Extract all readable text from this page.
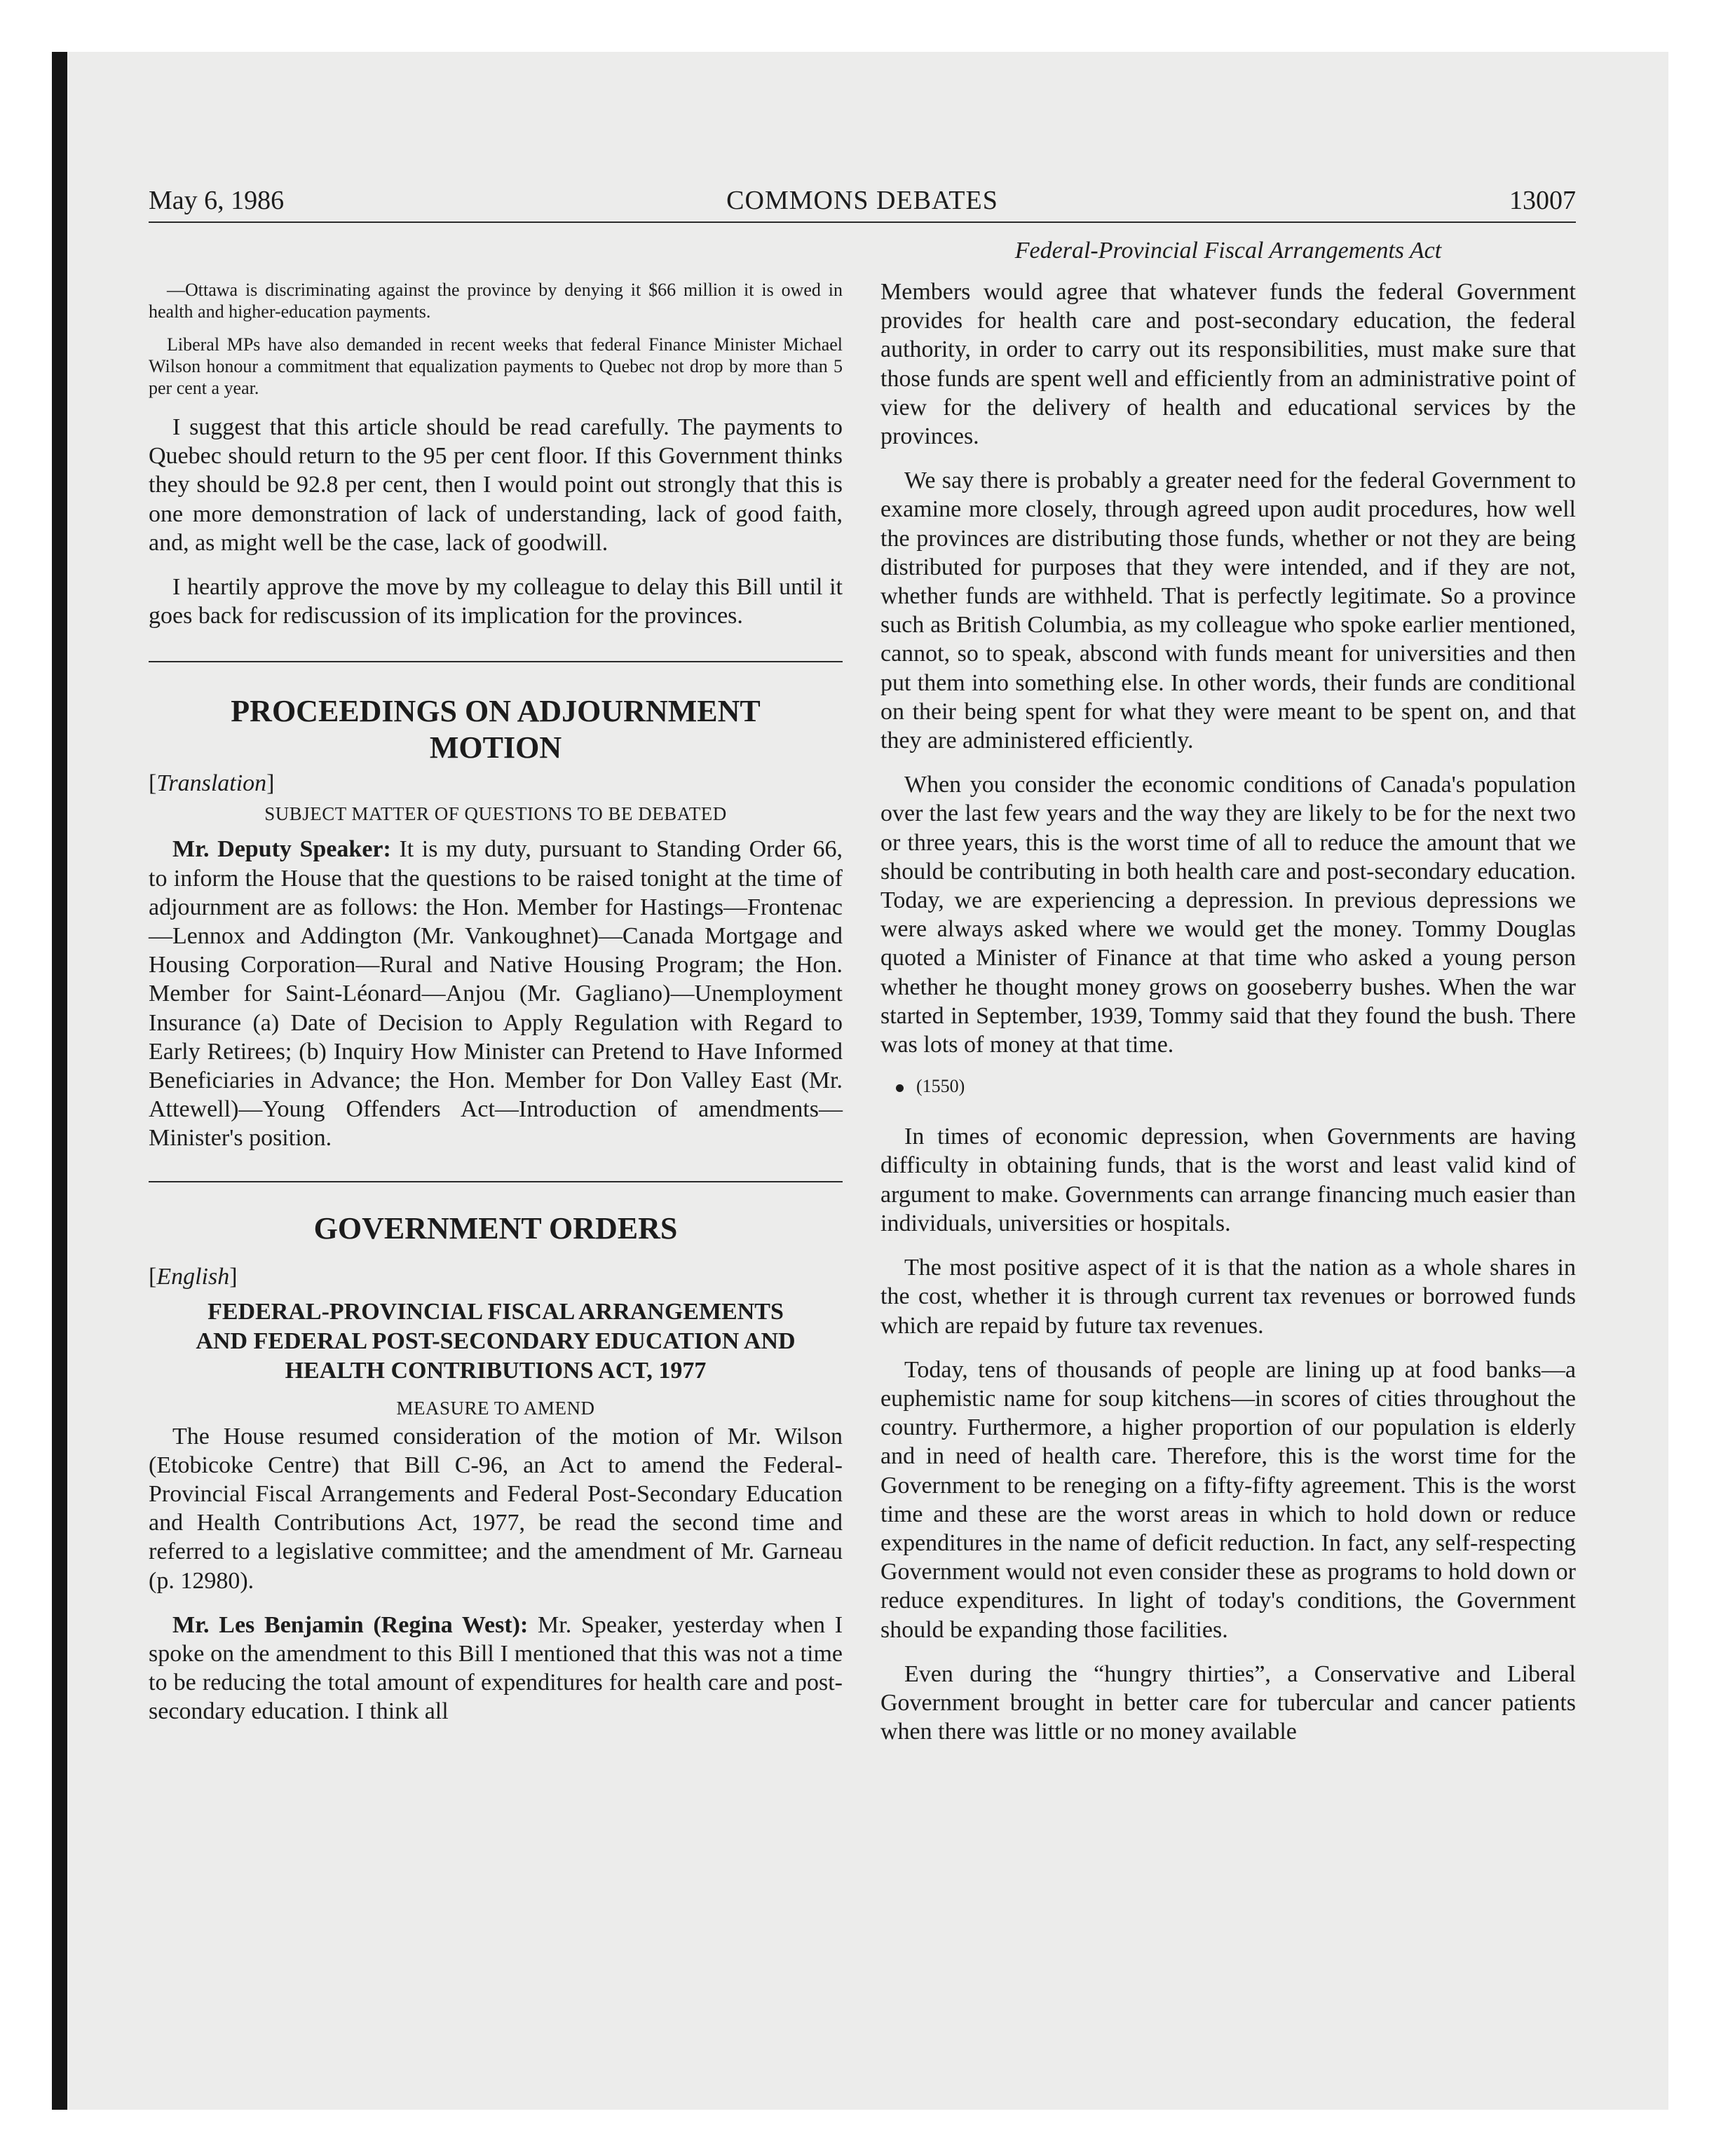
May 6, 1986	COMMONS DEBATES	13007

—Ottawa is discriminating against the province by denying it $66 million it is owed in health and higher-education payments.

Liberal MPs have also demanded in recent weeks that federal Finance Minister Michael Wilson honour a commitment that equalization payments to Quebec not drop by more than 5 per cent a year.

I suggest that this article should be read carefully. The payments to Quebec should return to the 95 per cent floor. If this Government thinks they should be 92.8 per cent, then I would point out strongly that this is one more demonstration of lack of understanding, lack of good faith, and, as might well be the case, lack of goodwill.

I heartily approve the move by my colleague to delay this Bill until it goes back for rediscussion of its implication for the provinces.

PROCEEDINGS ON ADJOURNMENT
MOTION
[Translation]
SUBJECT MATTER OF QUESTIONS TO BE DEBATED

Mr. Deputy Speaker: It is my duty, pursuant to Standing Order 66, to inform the House that the questions to be raised tonight at the time of adjournment are as follows: the Hon. Member for Hastings—Frontenac—Lennox and Addington (Mr. Vankoughnet)—Canada Mortgage and Housing Corporation—Rural and Native Housing Program; the Hon. Member for Saint-Léonard—Anjou (Mr. Gagliano)—Unemployment Insurance (a) Date of Decision to Apply Regulation with Regard to Early Retirees; (b) Inquiry How Minister can Pretend to Have Informed Beneficiaries in Advance; the Hon. Member for Don Valley East (Mr. Attewell)—Young Offenders Act—Introduction of amendments—Minister's position.

GOVERNMENT ORDERS
[English]
FEDERAL-PROVINCIAL FISCAL ARRANGEMENTS
AND FEDERAL POST-SECONDARY EDUCATION AND
HEALTH CONTRIBUTIONS ACT, 1977
MEASURE TO AMEND

The House resumed consideration of the motion of Mr. Wilson (Etobicoke Centre) that Bill C-96, an Act to amend the Federal-Provincial Fiscal Arrangements and Federal Post-Secondary Education and Health Contributions Act, 1977, be read the second time and referred to a legislative committee; and the amendment of Mr. Garneau (p. 12980).

Mr. Les Benjamin (Regina West): Mr. Speaker, yesterday when I spoke on the amendment to this Bill I mentioned that this was not a time to be reducing the total amount of expenditures for health care and post-secondary education. I think all

Federal-Provincial Fiscal Arrangements Act

Members would agree that whatever funds the federal Government provides for health care and post-secondary education, the federal authority, in order to carry out its responsibilities, must make sure that those funds are spent well and efficiently from an administrative point of view for the delivery of health and educational services by the provinces.

We say there is probably a greater need for the federal Government to examine more closely, through agreed upon audit procedures, how well the provinces are distributing those funds, whether or not they are being distributed for purposes that they were intended, and if they are not, whether funds are withheld. That is perfectly legitimate. So a province such as British Columbia, as my colleague who spoke earlier mentioned, cannot, so to speak, abscond with funds meant for universities and then put them into something else. In other words, their funds are conditional on their being spent for what they were meant to be spent on, and that they are administered efficiently.

When you consider the economic conditions of Canada's population over the last few years and the way they are likely to be for the next two or three years, this is the worst time of all to reduce the amount that we should be contributing in both health care and post-secondary education. Today, we are experiencing a depression. In previous depressions we were always asked where we would get the money. Tommy Douglas quoted a Minister of Finance at that time who asked a young person whether he thought money grows on gooseberry bushes. When the war started in September, 1939, Tommy said that they found the bush. There was lots of money at that time.

(1550)

In times of economic depression, when Governments are having difficulty in obtaining funds, that is the worst and least valid kind of argument to make. Governments can arrange financing much easier than individuals, universities or hospitals.

The most positive aspect of it is that the nation as a whole shares in the cost, whether it is through current tax revenues or borrowed funds which are repaid by future tax revenues.

Today, tens of thousands of people are lining up at food banks—a euphemistic name for soup kitchens—in scores of cities throughout the country. Furthermore, a higher proportion of our population is elderly and in need of health care. Therefore, this is the worst time for the Government to be reneging on a fifty-fifty agreement. This is the worst time and these are the worst areas in which to hold down or reduce expenditures in the name of deficit reduction. In fact, any self-respecting Government would not even consider these as programs to hold down or reduce expenditures. In light of today's conditions, the Government should be expanding those facilities.

Even during the “hungry thirties”, a Conservative and Liberal Government brought in better care for tubercular and cancer patients when there was little or no money available
